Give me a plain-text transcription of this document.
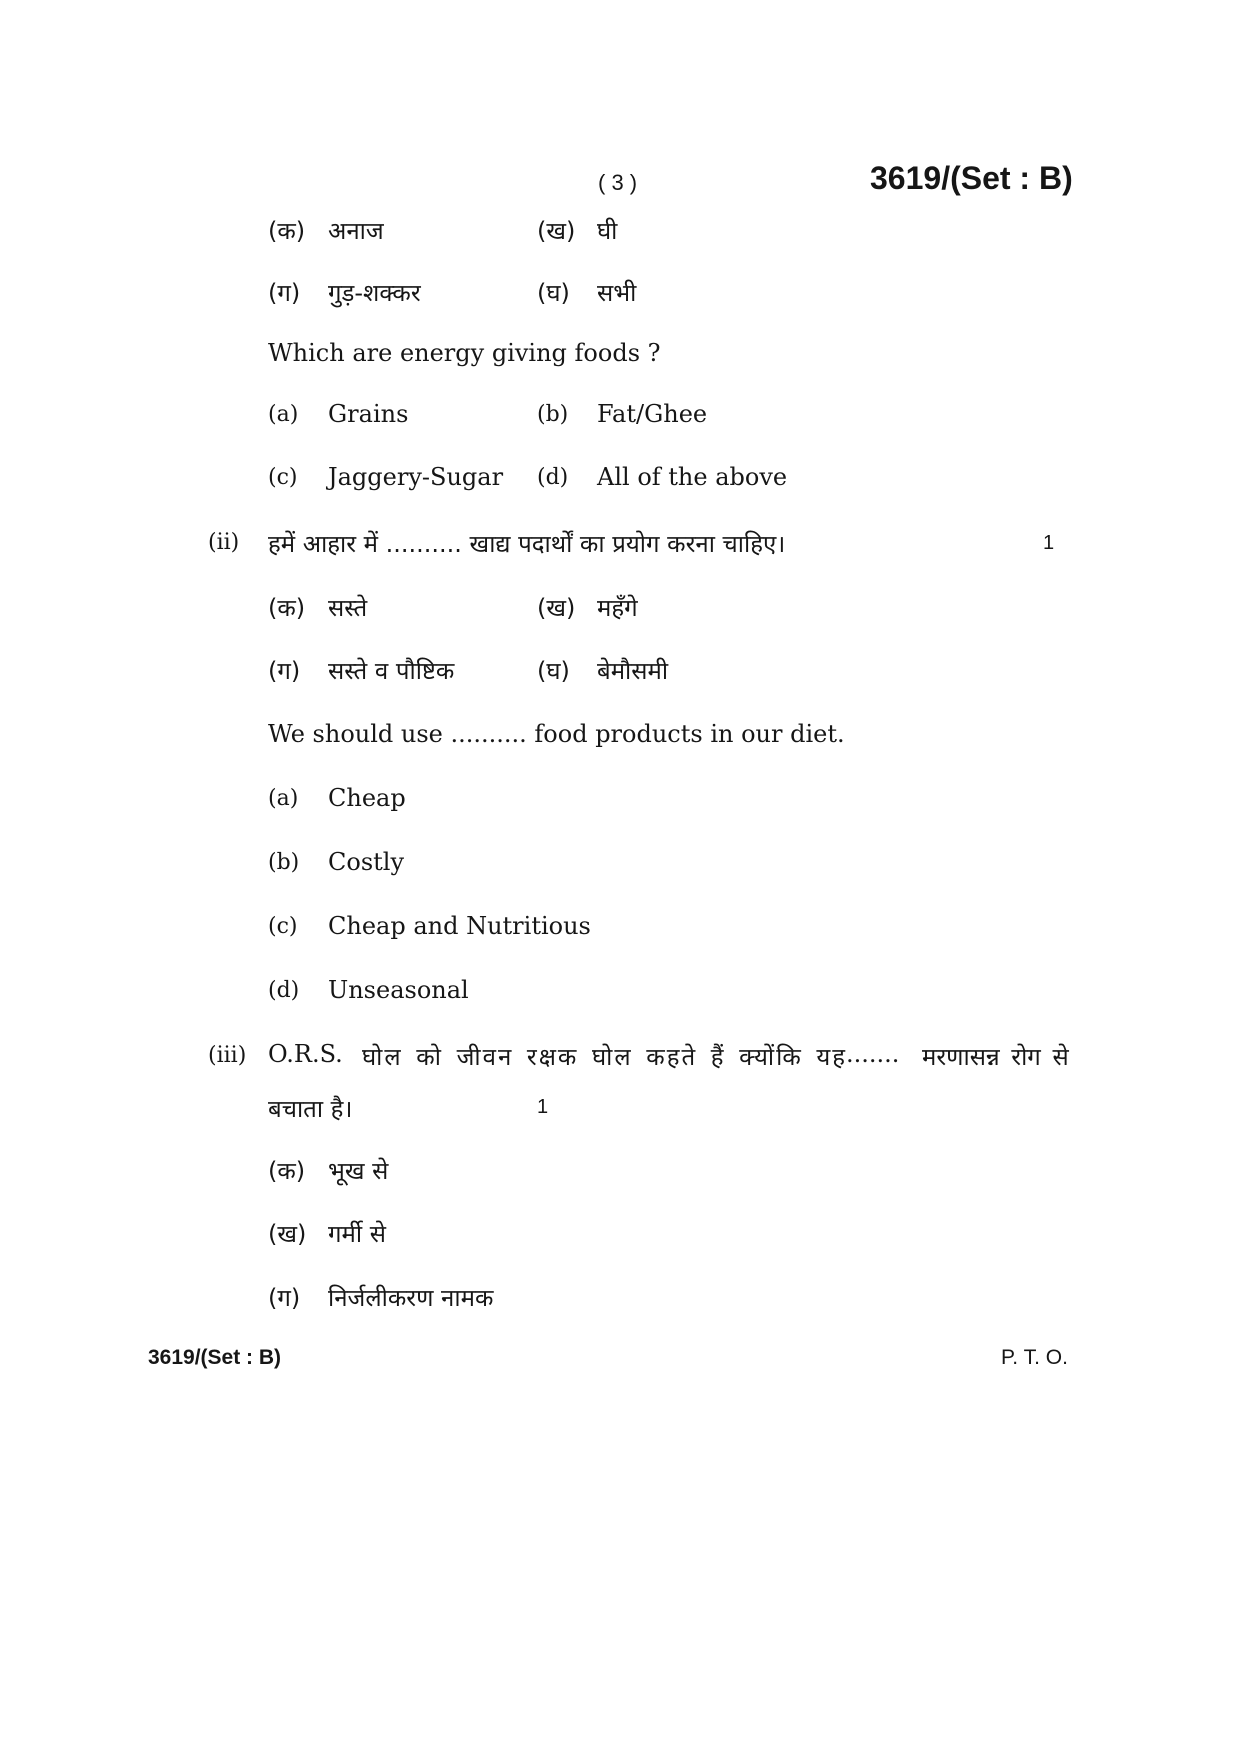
( 3 )	3619/(Set : B)
(क) अनाज	(ख) घी
(ग) गुड़-शक्कर	(घ) सभी
Which are energy giving foods ?
(a) Grains	(b) Fat/Ghee
(c) Jaggery-Sugar (d) All of the above
(ii) हमें आहार में .......... खाद्य पदार्थों का प्रयोग करना चाहिए।	1
(क) सस्ते	(ख) महँगे
(ग) सस्ते व पौष्टिक	(घ) बेमौसमी
We should use .......... food products in our diet.
(a) Cheap
(b) Costly
(c) Cheap and Nutritious
(d) Unseasonal
(iii) O.R.S. घोल को जीवन रक्षक घोल कहते हैं क्योंकि यह
....... मरणासन्न रोग से
बचाता है।	1
(क) भूख से
(ख) गर्मी से
(ग) निर्जलीकरण नामक
3619/(Set : B)	P. T. O.
